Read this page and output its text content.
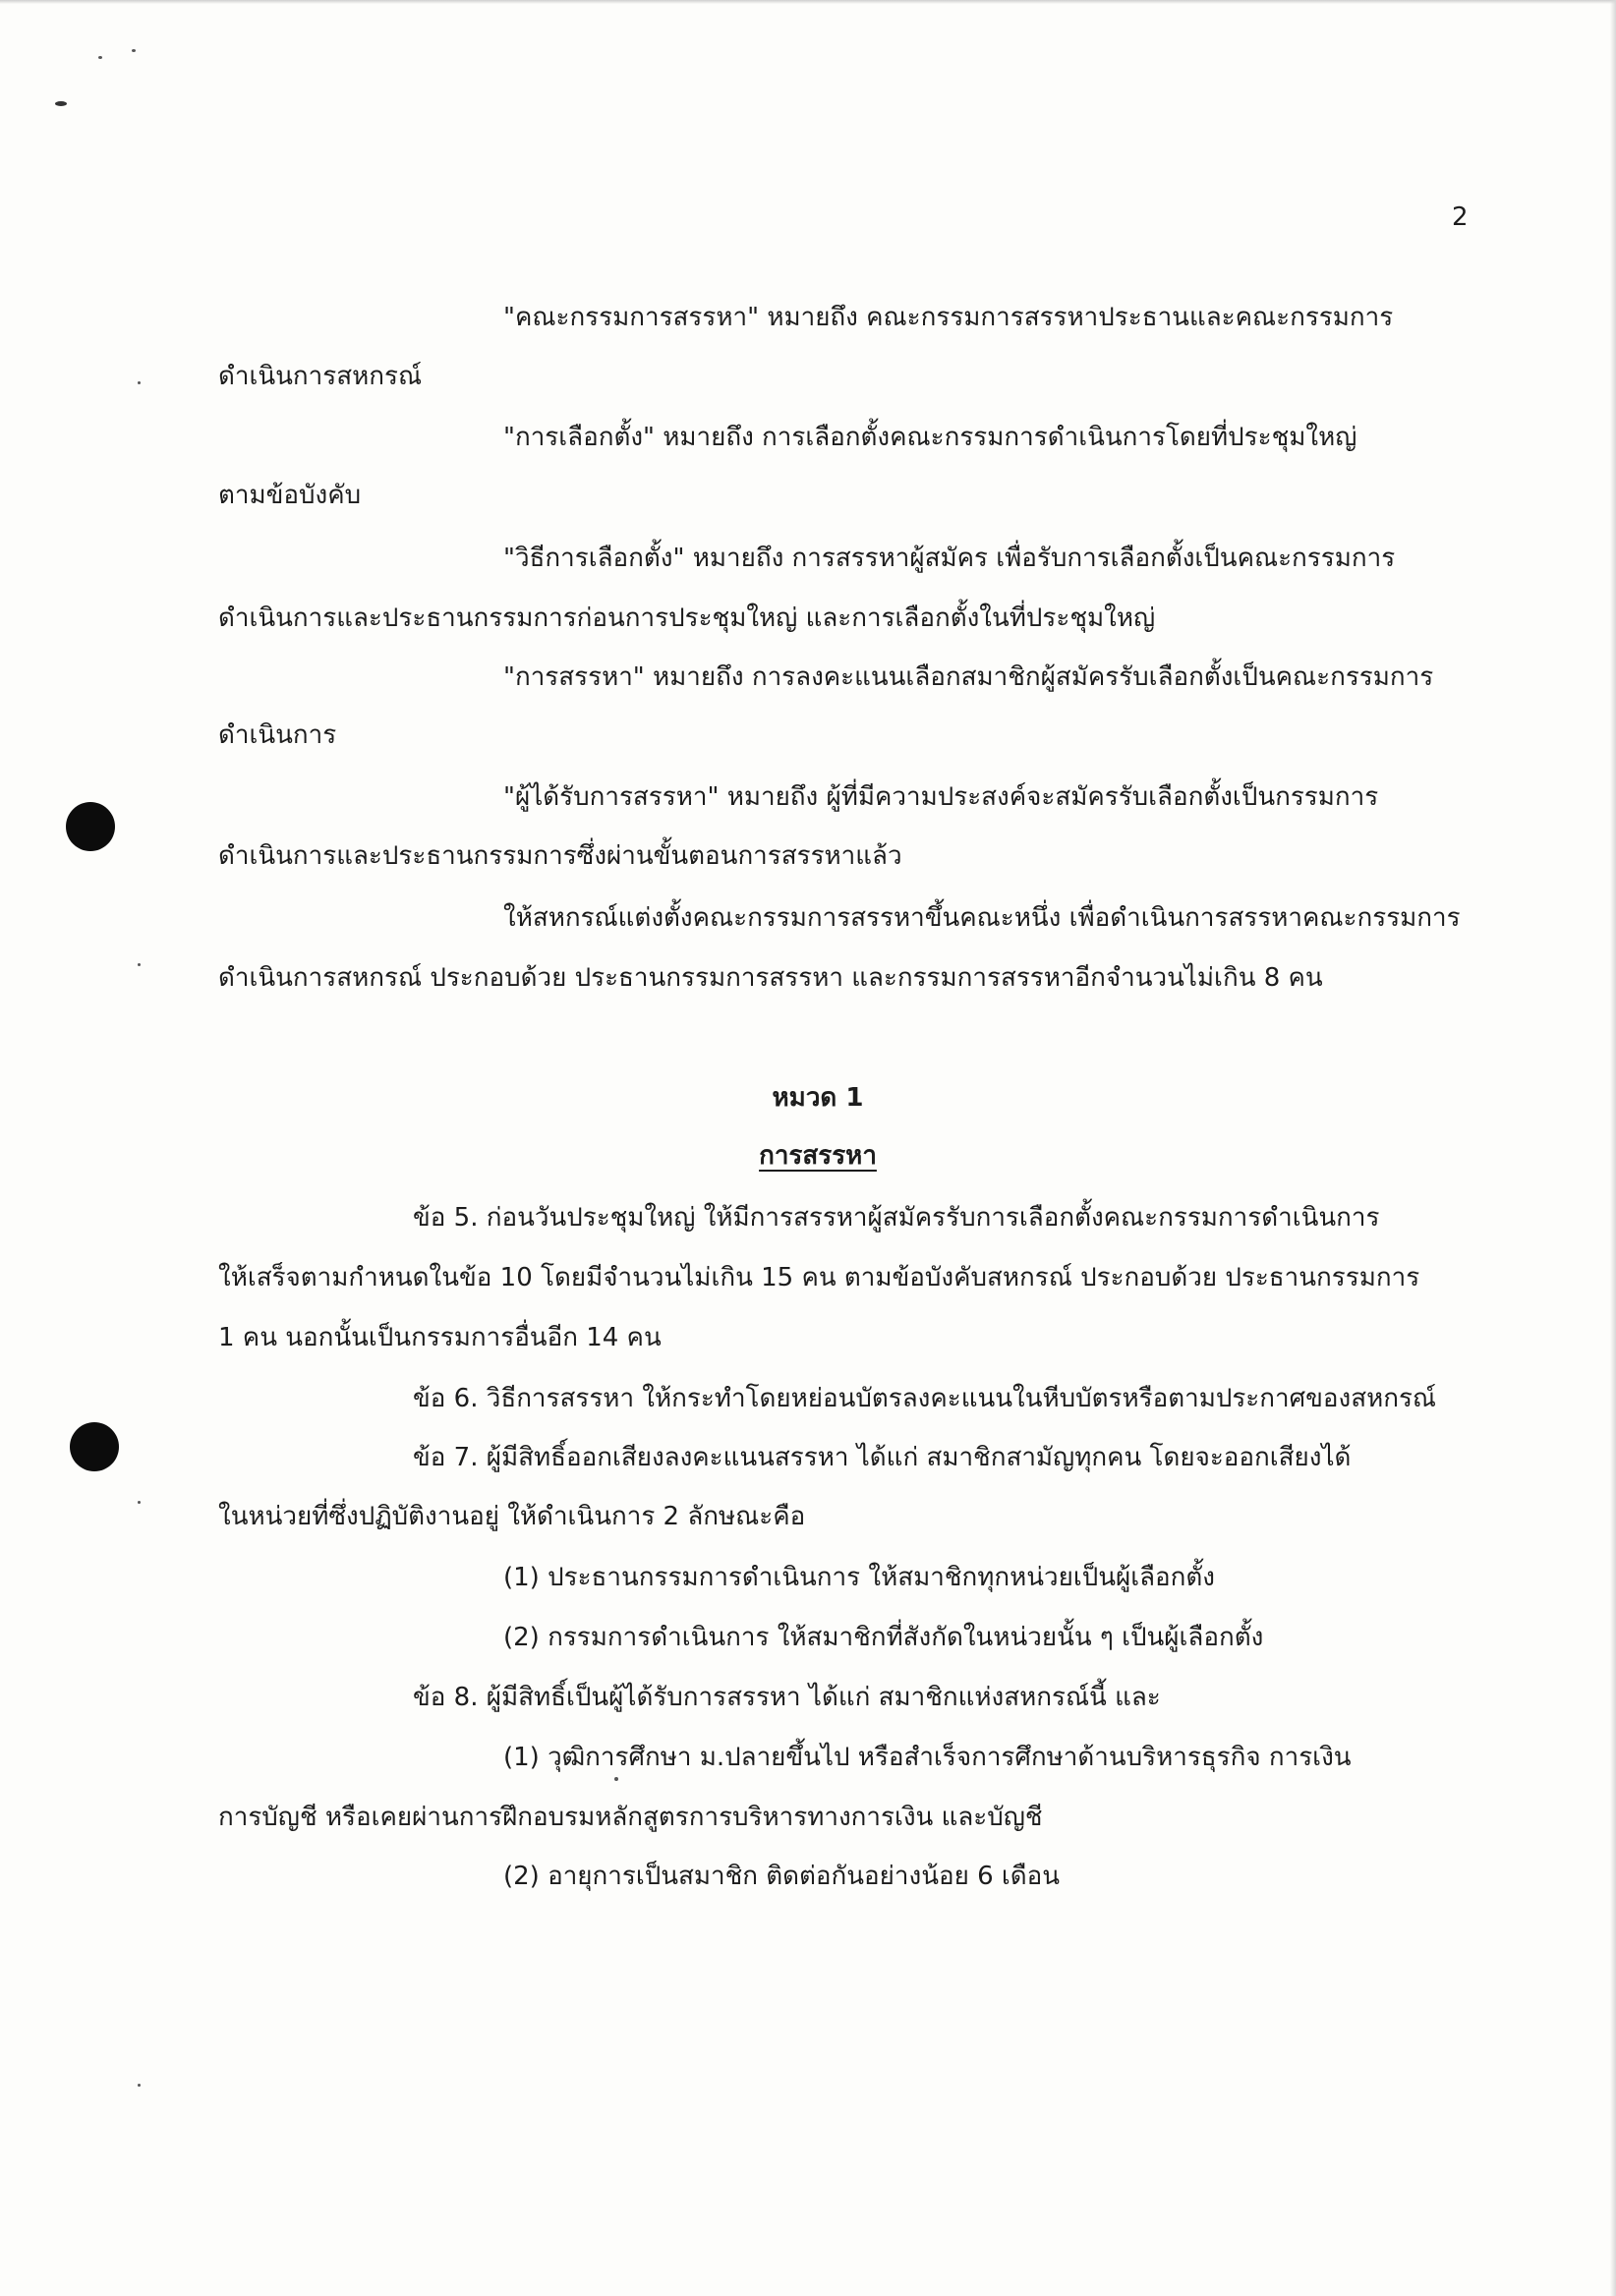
2
"คณะกรรมการสรรหา" หมายถึง คณะกรรมการสรรหาประธานและคณะกรรมการ
ดำเนินการสหกรณ์
"การเลือกตั้ง" หมายถึง การเลือกตั้งคณะกรรมการดำเนินการโดยที่ประชุมใหญ่
ตามข้อบังคับ
"วิธีการเลือกตั้ง" หมายถึง การสรรหาผู้สมัคร เพื่อรับการเลือกตั้งเป็นคณะกรรมการ
ดำเนินการและประธานกรรมการก่อนการประชุมใหญ่ และการเลือกตั้งในที่ประชุมใหญ่
"การสรรหา" หมายถึง การลงคะแนนเลือกสมาชิกผู้สมัครรับเลือกตั้งเป็นคณะกรรมการ
ดำเนินการ
"ผู้ได้รับการสรรหา" หมายถึง ผู้ที่มีความประสงค์จะสมัครรับเลือกตั้งเป็นกรรมการ
ดำเนินการและประธานกรรมการซึ่งผ่านขั้นตอนการสรรหาแล้ว
ให้สหกรณ์แต่งตั้งคณะกรรมการสรรหาขึ้นคณะหนึ่ง เพื่อดำเนินการสรรหาคณะกรรมการ
ดำเนินการสหกรณ์ ประกอบด้วย ประธานกรรมการสรรหา และกรรมการสรรหาอีกจำนวนไม่เกิน 8 คน
หมวด 1
การสรรหา
ข้อ 5. ก่อนวันประชุมใหญ่ ให้มีการสรรหาผู้สมัครรับการเลือกตั้งคณะกรรมการดำเนินการ
ให้เสร็จตามกำหนดในข้อ 10 โดยมีจำนวนไม่เกิน 15 คน ตามข้อบังคับสหกรณ์ ประกอบด้วย ประธานกรรมการ
1 คน นอกนั้นเป็นกรรมการอื่นอีก 14 คน
ข้อ 6. วิธีการสรรหา ให้กระทำโดยหย่อนบัตรลงคะแนนในหีบบัตรหรือตามประกาศของสหกรณ์
ข้อ 7. ผู้มีสิทธิ์ออกเสียงลงคะแนนสรรหา ได้แก่ สมาชิกสามัญทุกคน โดยจะออกเสียงได้
ในหน่วยที่ซึ่งปฏิบัติงานอยู่ ให้ดำเนินการ 2 ลักษณะคือ
(1) ประธานกรรมการดำเนินการ ให้สมาชิกทุกหน่วยเป็นผู้เลือกตั้ง
(2) กรรมการดำเนินการ ให้สมาชิกที่สังกัดในหน่วยนั้น ๆ เป็นผู้เลือกตั้ง
ข้อ 8. ผู้มีสิทธิ์เป็นผู้ได้รับการสรรหา ได้แก่ สมาชิกแห่งสหกรณ์นี้ และ
(1) วุฒิการศึกษา ม.ปลายขึ้นไป หรือสำเร็จการศึกษาด้านบริหารธุรกิจ การเงิน
การบัญชี หรือเคยผ่านการฝึกอบรมหลักสูตรการบริหารทางการเงิน และบัญชี
(2) อายุการเป็นสมาชิก ติดต่อกันอย่างน้อย 6 เดือน
